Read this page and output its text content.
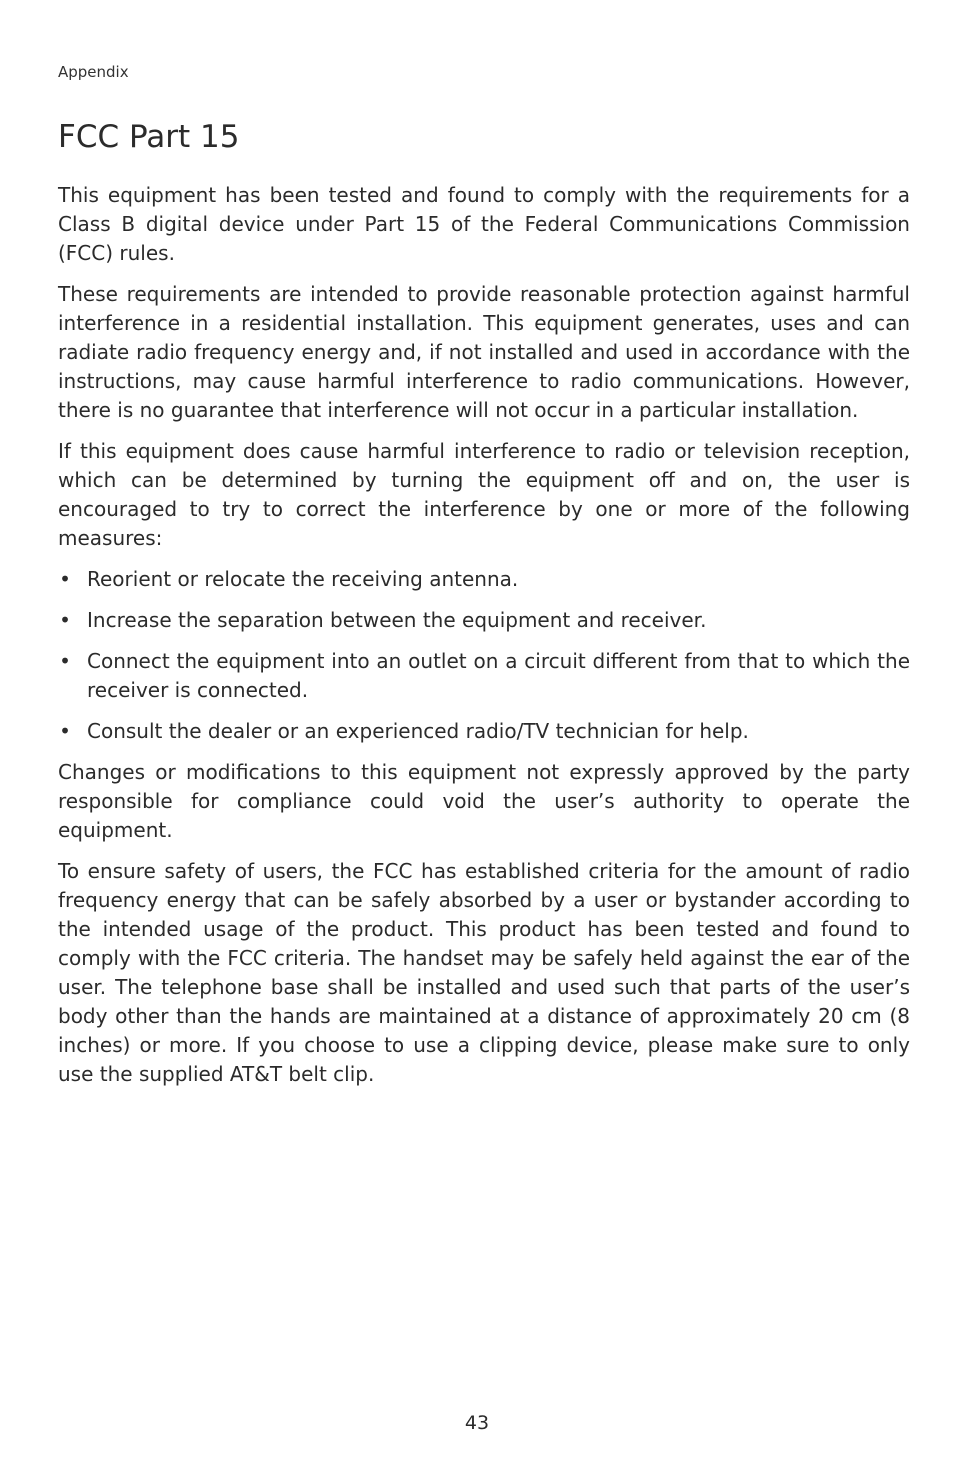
Appendix
FCC Part 15

This equipment has been tested and found to comply with the requirements for a Class B digital device under Part 15 of the Federal Communications Commission (FCC) rules.

These requirements are intended to provide reasonable protection against harmful interference in a residential installation. This equipment generates, uses and can radiate radio frequency energy and, if not installed and used in accordance with the instructions, may cause harmful interference to radio communications. However, there is no guarantee that interference will not occur in a particular installation.

If this equipment does cause harmful interference to radio or television reception, which can be determined by turning the equipment off and on, the user is encouraged to try to correct the interference by one or more of the following measures:

• Reorient or relocate the receiving antenna.
• Increase the separation between the equipment and receiver.
• Connect the equipment into an outlet on a circuit different from that to which the receiver is connected.
• Consult the dealer or an experienced radio/TV technician for help.

Changes or modifications to this equipment not expressly approved by the party responsible for compliance could void the user’s authority to operate the equipment.

To ensure safety of users, the FCC has established criteria for the amount of radio frequency energy that can be safely absorbed by a user or bystander according to the intended usage of the product. This product has been tested and found to comply with the FCC criteria. The handset may be safely held against the ear of the user. The telephone base shall be installed and used such that parts of the user’s body other than the hands are maintained at a distance of approximately 20 cm (8 inches) or more. If you choose to use a clipping device, please make sure to only use the supplied AT&T belt clip.

43
